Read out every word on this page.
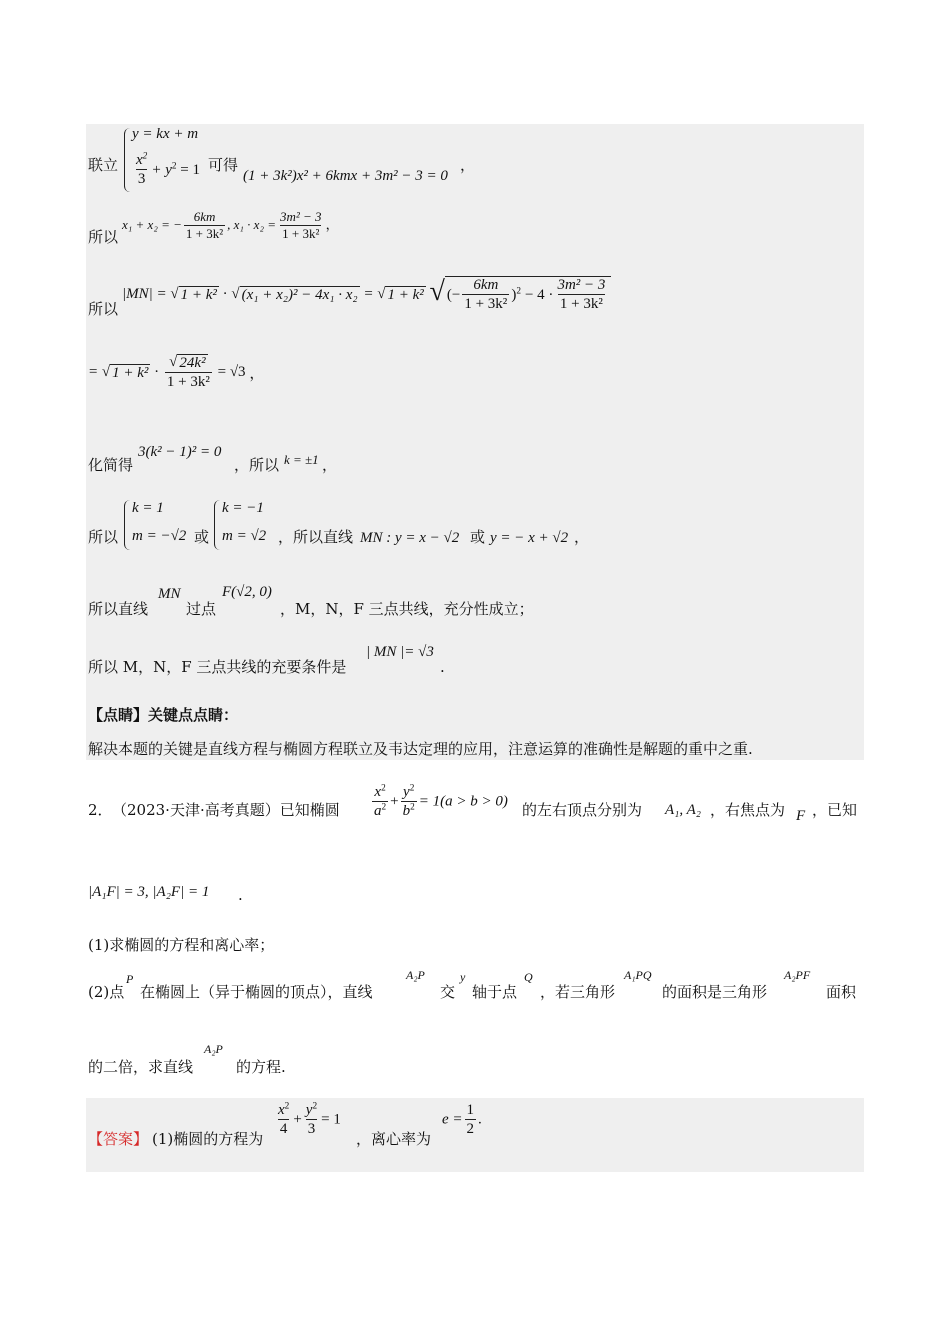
联立
y = kx + m
$\frac{x^2}{3} + y^2 = 1$ 可得
(1 + 3k²)x² + 6kmx + 3m² − 3 = 0
，
所以
x₁ + x₂ = − $\frac{6km}{\text{1 + 3k²}}$ , $x_1 \cdot x_2 = \frac{\text{3m² − 3}}{\text{1 + 3k²}}$ ，
所以
|MN| = √ 1 + k² · √ (x₁ + x₂)² − 4x₁ · x₂ = √ 1 + k²
√ (− $\frac{6km}{\text{1 + 3k²}} )^2 - 4 \cdot \frac{\text{3m² − 3}}{\text{1 + 3k²}}$
= √ $1 + k^2 \cdot \frac{\text{√ 24k²}}{\text{1 + 3k²}} = √3$ ，
化简得
3(k² − 1)² = 0
，所以 k = ±1 ，
所以
k = 1
m = −√2 或
k = −1
m = √2 ，所以直线 MN : y = x − √2 或 y = − x + √2 ，
所以直线
MN
过点
F(√2, 0)
，M，N，F 三点共线，充分性成立；
所以 M，N，F 三点共线的充要条件是
| MN |= √3
.
【点睛】关键点点睛：
解决本题的关键是直线方程与椭圆方程联立及韦达定理的应用，注意运算的准确性是解题的重中之重.
2． （2023·天津·高考真题）已知椭圆 $\frac{x^2}{a^2} + \frac{y^2}{b^2} = 1(a > b > 0)$ 的左右顶点分别为 A₁, A₂ ，右焦点为 F ，已知
|A₁F| = 3, |A₂F| = 1 .
(1)求椭圆的方程和离心率；
(2)点
P
在椭圆上（异于椭圆的顶点），直线
A₂P
交
y
轴于点
Q
，若三角形
A₁PQ
的面积是三角形
A₂PF
面积
的二倍，求直线
A₂P
的方程.
【答案】 (1)椭圆的方程为
$\frac{x^2}{4} + \frac{y^2}{3} = 1$
，离心率为
$e = \frac{1}{2}$ .
